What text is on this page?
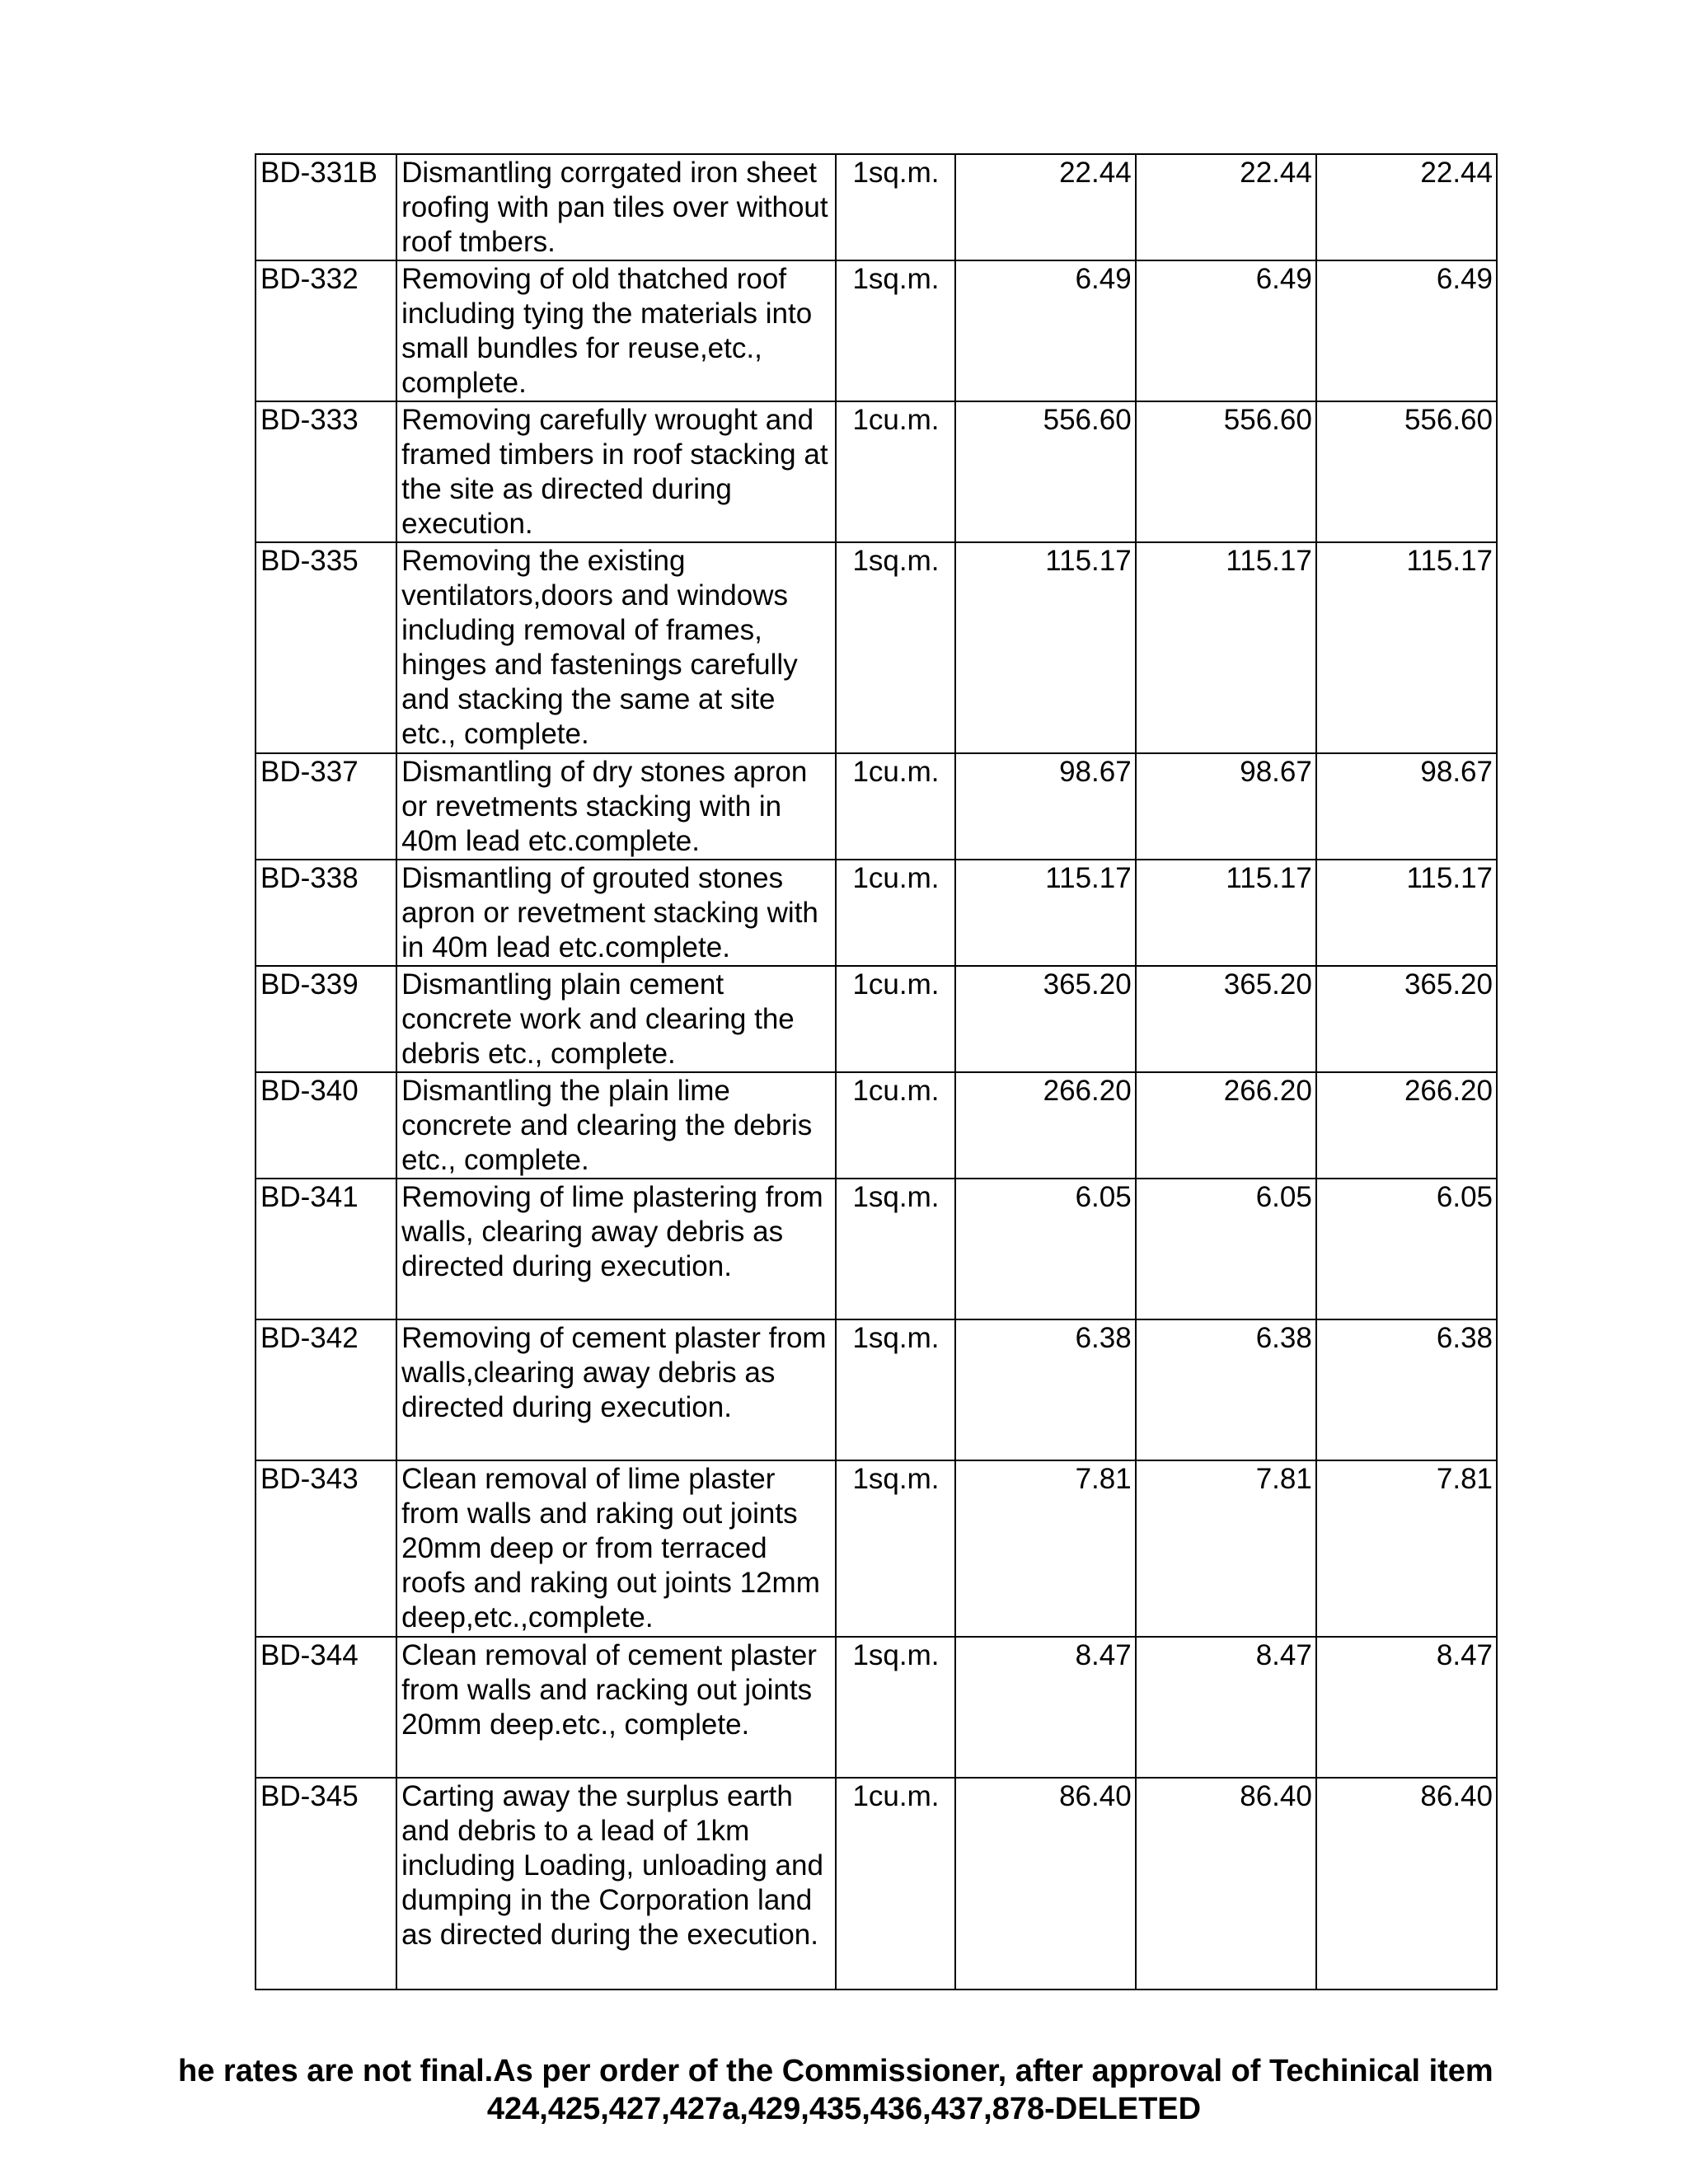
BD-331B	Dismantling corrgated iron sheet roofing with pan tiles over without roof tmbers.	1sq.m.	22.44	22.44	22.44
BD-332	Removing of old thatched roof including tying the materials into small bundles for reuse,etc., complete.	1sq.m.	6.49	6.49	6.49
BD-333	Removing carefully wrought and framed timbers in roof stacking at the site as directed during execution.	1cu.m.	556.60	556.60	556.60
BD-335	Removing the existing ventilators,doors and windows including removal of frames, hinges and fastenings carefully and stacking the same at site etc., complete.	1sq.m.	115.17	115.17	115.17
BD-337	Dismantling of dry stones apron or revetments stacking with in 40m lead etc.complete.	1cu.m.	98.67	98.67	98.67
BD-338	Dismantling of grouted stones apron or revetment stacking with in 40m lead etc.complete.	1cu.m.	115.17	115.17	115.17
BD-339	Dismantling plain cement concrete work and clearing the debris etc., complete.	1cu.m.	365.20	365.20	365.20
BD-340	Dismantling the plain lime concrete and clearing the debris etc., complete.	1cu.m.	266.20	266.20	266.20
BD-341	Removing of lime plastering from walls, clearing away debris as directed during execution.	1sq.m.	6.05	6.05	6.05
BD-342	Removing of cement plaster from walls,clearing away debris as directed during execution.	1sq.m.	6.38	6.38	6.38
BD-343	Clean removal of lime plaster from walls and raking out joints 20mm deep or from terraced roofs and raking out joints 12mm deep,etc.,complete.	1sq.m.	7.81	7.81	7.81
BD-344	Clean removal of cement plaster from walls and racking out joints 20mm deep.etc., complete.	1sq.m.	8.47	8.47	8.47
BD-345	Carting away the surplus earth and debris to a lead of 1km including Loading, unloading and dumping in the Corporation land as directed during the execution.	1cu.m.	86.40	86.40	86.40
he rates are not final.As per order of the Commissioner, after approval of Techinical item
424,425,427,427a,429,435,436,437,878-DELETED
